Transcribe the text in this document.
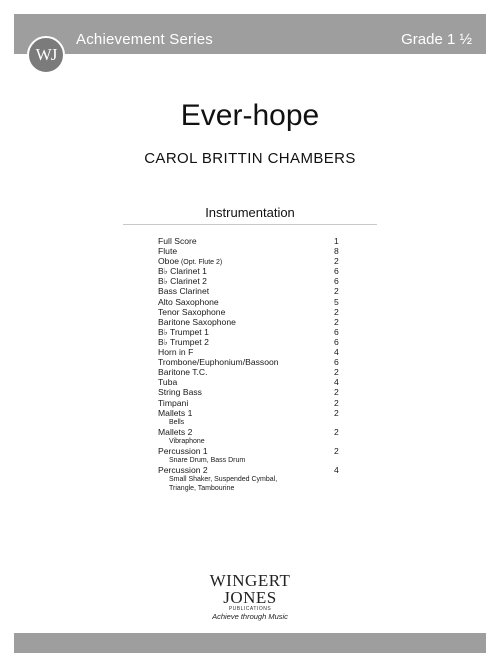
Achievement Series	Grade 1 ½
WJ
Ever-hope
CAROL BRITTIN CHAMBERS
Instrumentation
Full Score	1
Flute	8
Oboe (Opt. Flute 2)	2
B♭ Clarinet 1	6
B♭ Clarinet 2	6
Bass Clarinet	2
Alto Saxophone	5
Tenor Saxophone	2
Baritone Saxophone	2
B♭ Trumpet 1	6
B♭ Trumpet 2	6
Horn in F	4
Trombone/Euphonium/Bassoon	6
Baritone T.C.	2
Tuba	4
String Bass	2
Timpani	2
Mallets 1	2
Bells
Mallets 2	2
Vibraphone
Percussion 1	2
Snare Drum, Bass Drum
Percussion 2	4
Small Shaker, Suspended Cymbal,
Triangle, Tambourine
WINGERT
JONES
PUBLICATIONS
Achieve through Music
